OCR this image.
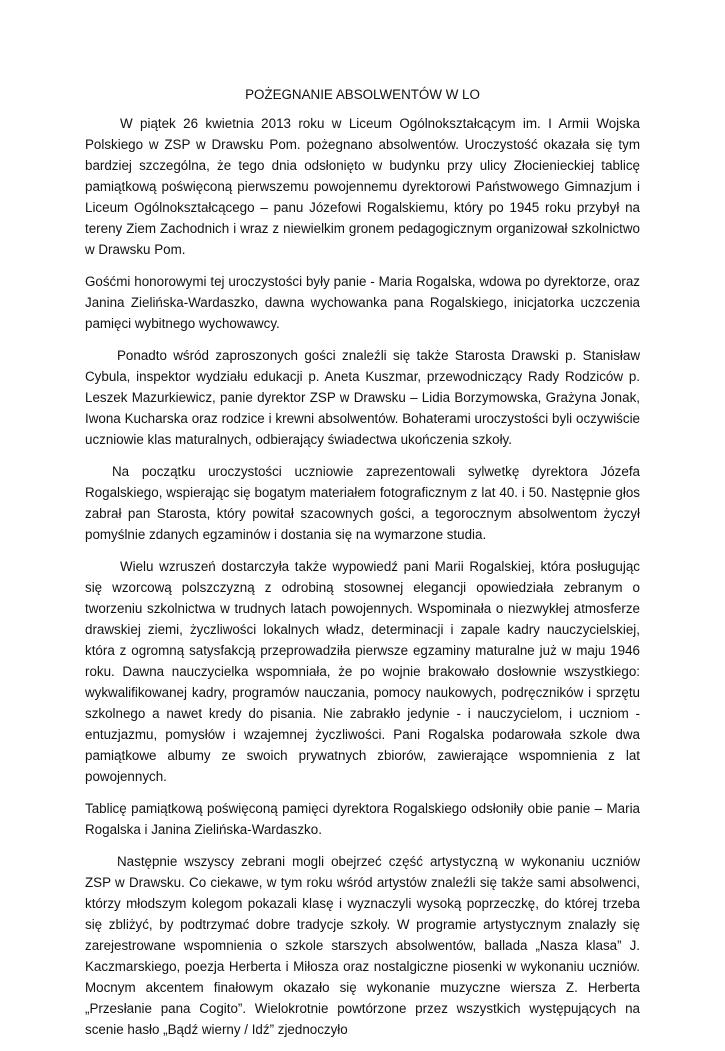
POŻEGNANIE ABSOLWENTÓW W LO

W piątek 26 kwietnia 2013 roku w Liceum Ogólnokształcącym im. I Armii Wojska Polskiego w ZSP w Drawsku Pom. pożegnano absolwentów. Uroczystość okazała się tym bardziej szczególna, że tego dnia odsłonięto w budynku przy ulicy Złocienieckiej tablicę pamiątkową poświęconą pierwszemu powojennemu dyrektorowi Państwowego Gimnazjum i Liceum Ogólnokształcącego – panu Józefowi Rogalskiemu, który po 1945 roku przybył na tereny Ziem Zachodnich i wraz z niewielkim gronem pedagogicznym organizował szkolnictwo w Drawsku Pom.

Gośćmi honorowymi tej uroczystości były panie - Maria Rogalska, wdowa po dyrektorze, oraz Janina Zielińska-Wardaszko, dawna wychowanka pana Rogalskiego, inicjatorka uczczenia pamięci wybitnego wychowawcy.

Ponadto wśród zaproszonych gości znaleźli się także Starosta Drawski p. Stanisław Cybula, inspektor wydziału edukacji p. Aneta Kuszmar, przewodniczący Rady Rodziców p. Leszek Mazurkiewicz, panie dyrektor ZSP w Drawsku – Lidia Borzymowska, Grażyna Jonak, Iwona Kucharska oraz rodzice i krewni absolwentów. Bohaterami uroczystości byli oczywiście uczniowie klas maturalnych, odbierający świadectwa ukończenia szkoły.

Na początku uroczystości uczniowie zaprezentowali sylwetkę dyrektora Józefa Rogalskiego, wspierając się bogatym materiałem fotograficznym z lat 40. i 50. Następnie głos zabrał pan Starosta, który powitał szacownych gości, a tegorocznym absolwentom życzył pomyślnie zdanych egzaminów i dostania się na wymarzone studia.

Wielu wzruszeń dostarczyła także wypowiedź pani Marii Rogalskiej, która posługując się wzorcową polszczyzną z odrobiną stosownej elegancji opowiedziała zebranym o tworzeniu szkolnictwa w trudnych latach powojennych. Wspominała o niezwykłej atmosferze drawskiej ziemi, życzliwości lokalnych władz, determinacji i zapale kadry nauczycielskiej, która z ogromną satysfakcją przeprowadziła pierwsze egzaminy maturalne już w maju 1946 roku. Dawna nauczycielka wspomniała, że po wojnie brakowało dosłownie wszystkiego: wykwalifikowanej kadry, programów nauczania, pomocy naukowych, podręczników i sprzętu szkolnego a nawet kredy do pisania. Nie zabrakło jedynie - i nauczycielom, i uczniom - entuzjazmu, pomysłów i wzajemnej życzliwości. Pani Rogalska podarowała szkole dwa pamiątkowe albumy ze swoich prywatnych zbiorów, zawierające wspomnienia z lat powojennych.

Tablicę pamiątkową poświęconą pamięci dyrektora Rogalskiego odsłoniły obie panie – Maria Rogalska i Janina Zielińska-Wardaszko.

Następnie wszyscy zebrani mogli obejrzeć część artystyczną w wykonaniu uczniów ZSP w Drawsku. Co ciekawe, w tym roku wśród artystów znaleźli się także sami absolwenci, którzy młodszym kolegom pokazali klasę i wyznaczyli wysoką poprzeczkę, do której trzeba się zbliżyć, by podtrzymać dobre tradycje szkoły. W programie artystycznym znalazły się zarejestrowane wspomnienia o szkole starszych absolwentów, ballada „Nasza klasa” J. Kaczmarskiego, poezja Herberta i Miłosza oraz nostalgiczne piosenki w wykonaniu uczniów. Mocnym akcentem finałowym okazało się wykonanie muzyczne wiersza Z. Herberta „Przesłanie pana Cogito”. Wielokrotnie powtórzone przez wszystkich występujących na scenie hasło „Bądź wierny / Idź” zjednoczyło
